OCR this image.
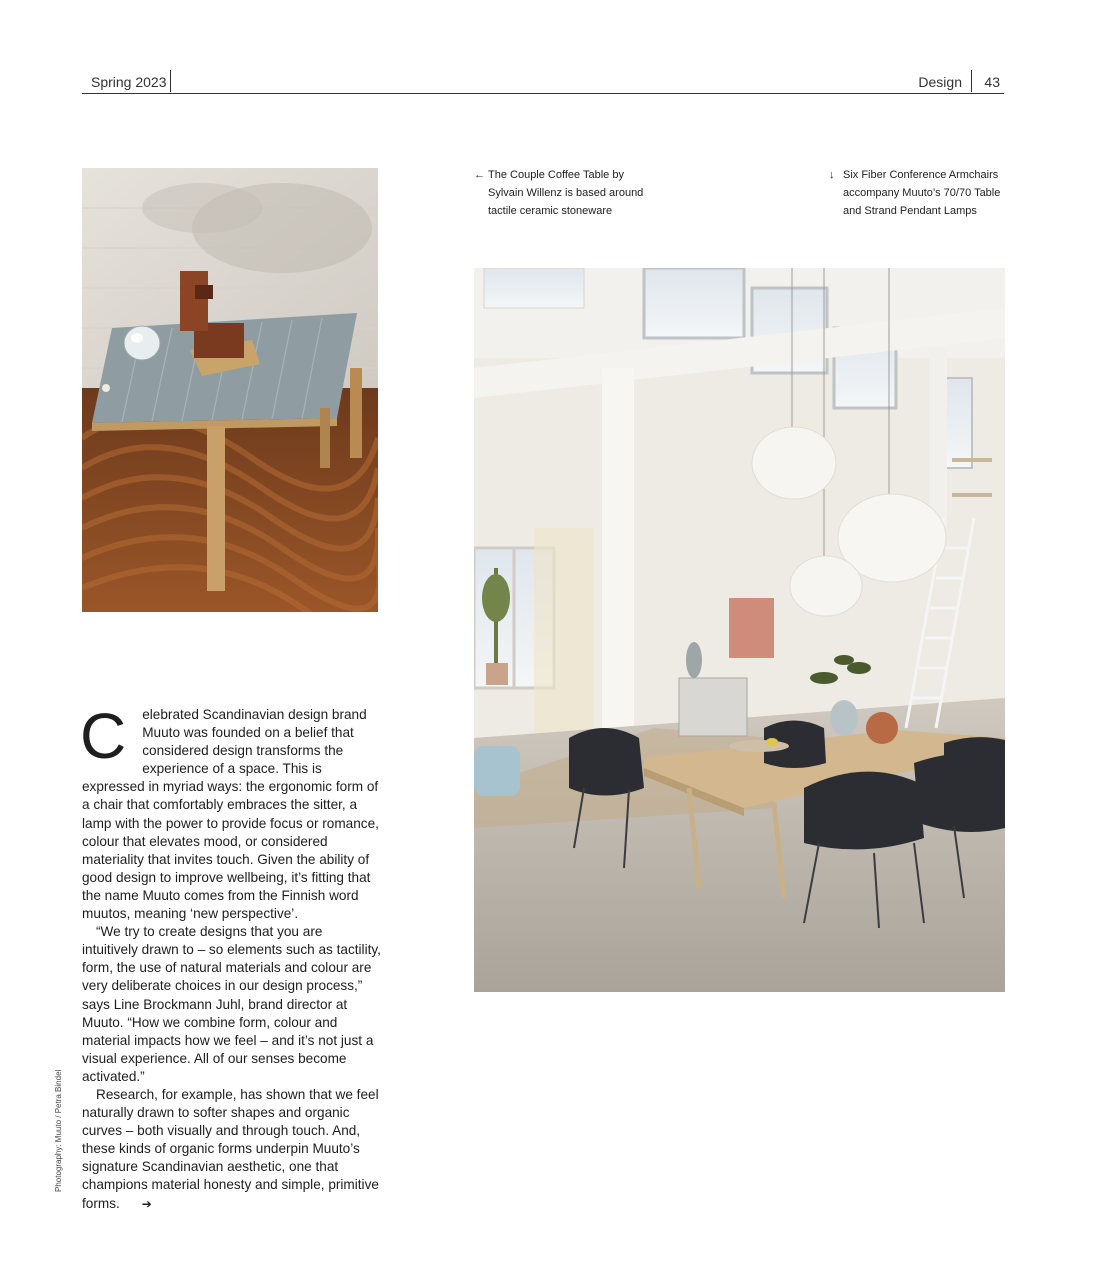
Spring 2023	Design 43
← The Couple Coffee Table by Sylvain Willenz is based around tactile ceramic stoneware
↓ Six Fiber Conference Armchairs accompany Muuto’s 70/70 Table and Strand Pendant Lamps

C elebrated Scandinavian design brand Muuto was founded on a belief that considered design transforms the experience of a space. This is expressed in myriad ways: the ergonomic form of a chair that comfortably embraces the sitter, a lamp with the power to provide focus or romance, colour that elevates mood, or considered materiality that invites touch. Given the ability of good design to improve wellbeing, it’s fitting that the name Muuto comes from the Finnish word muutos, meaning ‘new perspective’.

“We try to create designs that you are intuitively drawn to – so elements such as tactility, form, the use of natural materials and colour are very deliberate choices in our design process,” says Line Brockmann Juhl, brand director at Muuto. “How we combine form, colour and material impacts how we feel – and it’s not just a visual experience. All of our senses become activated.”

Research, for example, has shown that we feel naturally drawn to softer shapes and organic curves – both visually and through touch. And, these kinds of organic forms underpin Muuto’s signature Scandinavian aesthetic, one that champions material honesty and simple, primitive forms. ➔

Photography: Muuto / Petra Bindel
